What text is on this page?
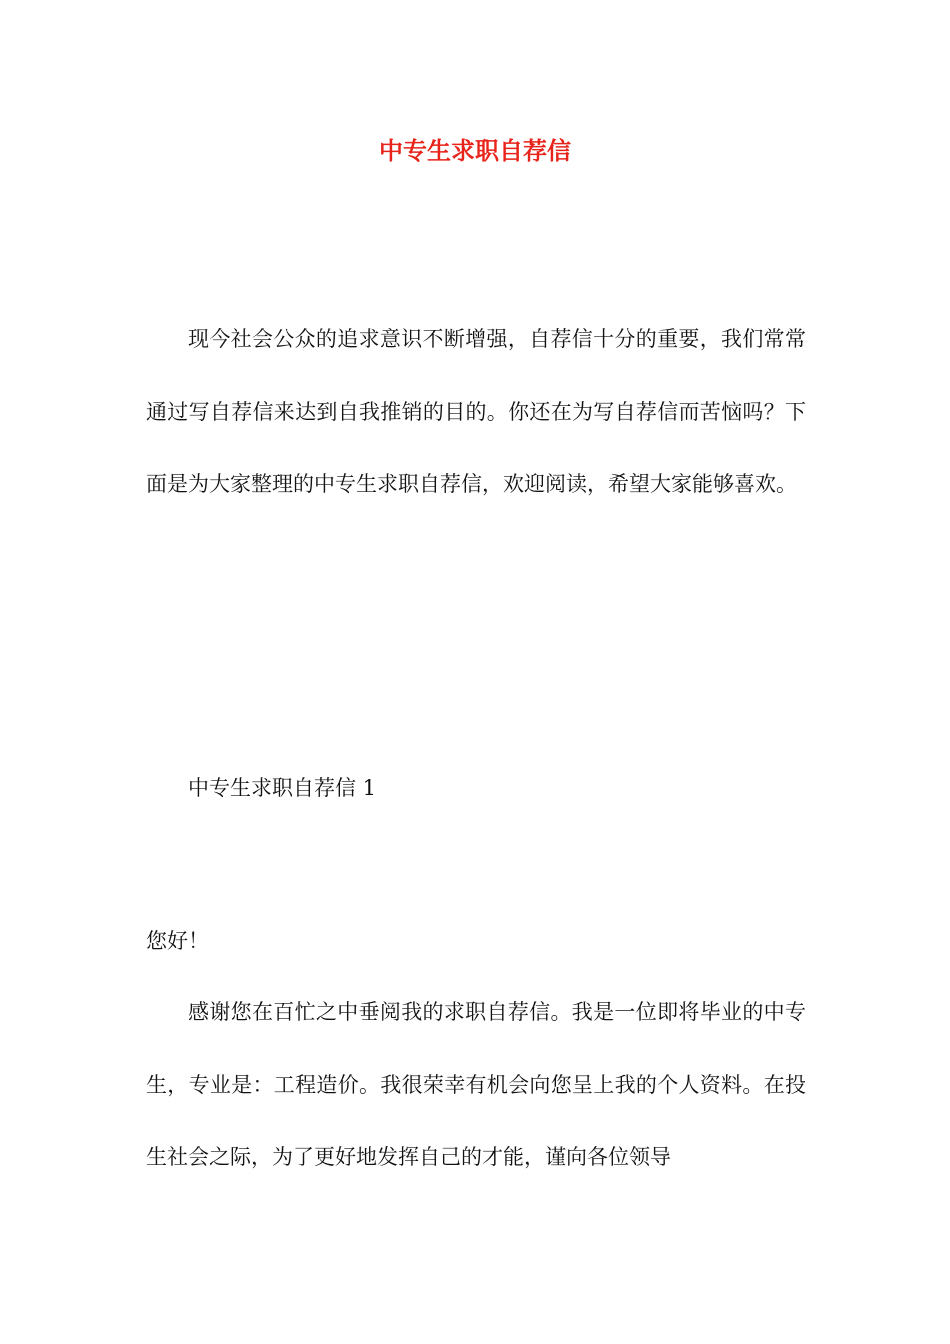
中专生求职自荐信

现今社会公众的追求意识不断增强，自荐信十分的重要，我们常常通过写自荐信来达到自我推销的目的。你还在为写自荐信而苦恼吗？下面是为大家整理的中专生求职自荐信，欢迎阅读，希望大家能够喜欢。

中专生求职自荐信 1

您好！

感谢您在百忙之中垂阅我的求职自荐信。我是一位即将毕业的中专生，专业是：工程造价。我很荣幸有机会向您呈上我的个人资料。在投生社会之际，为了更好地发挥自己的才能，谨向各位领导
